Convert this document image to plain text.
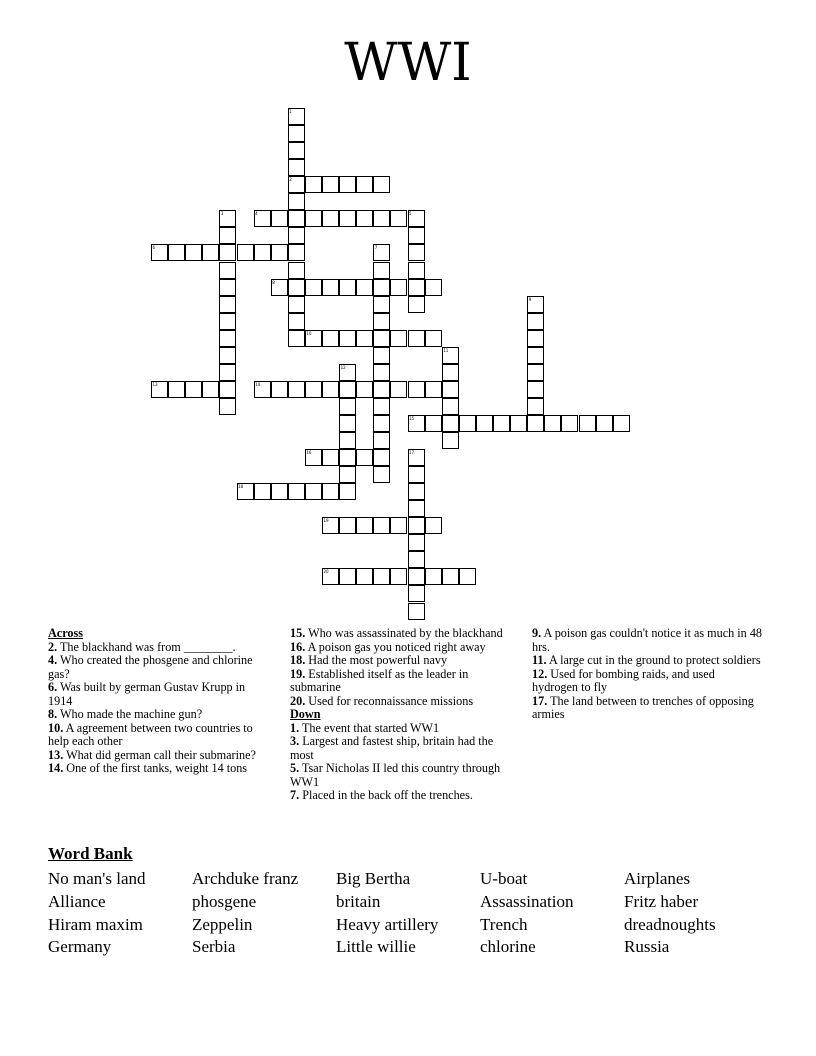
WWI
1
2
3	4	5
6	7
8
9
10
11
12
13	14
15
16	17
18
19
20
Across
2. The blackhand was from ________.
4. Who created the phosgene and chlorine gas?
6. Was built by german Gustav Krupp in 1914
8. Who made the machine gun?
10. A agreement between two countries to help each other
13. What did german call their submarine?
14. One of the first tanks, weight 14 tons
15. Who was assassinated by the blackhand
16. A poison gas you noticed right away
18. Had the most powerful navy
19. Established itself as the leader in submarine
20. Used for reconnaissance missions
Down
1. The event that started WW1
3. Largest and fastest ship, britain had the most
5. Tsar Nicholas II led this country through WW1
7. Placed in the back off the trenches.
9. A poison gas couldn't notice it as much in 48 hrs.
11. A large cut in the ground to protect soldiers
12. Used for bombing raids, and used hydrogen to fly
17. The land between to trenches of opposing armies
Word Bank
No man's land	Archduke franz	Big Bertha	U-boat	Airplanes
Alliance	phosgene	britain	Assassination	Fritz haber
Hiram maxim	Zeppelin	Heavy artillery	Trench	dreadnoughts
Germany	Serbia	Little willie	chlorine	Russia
